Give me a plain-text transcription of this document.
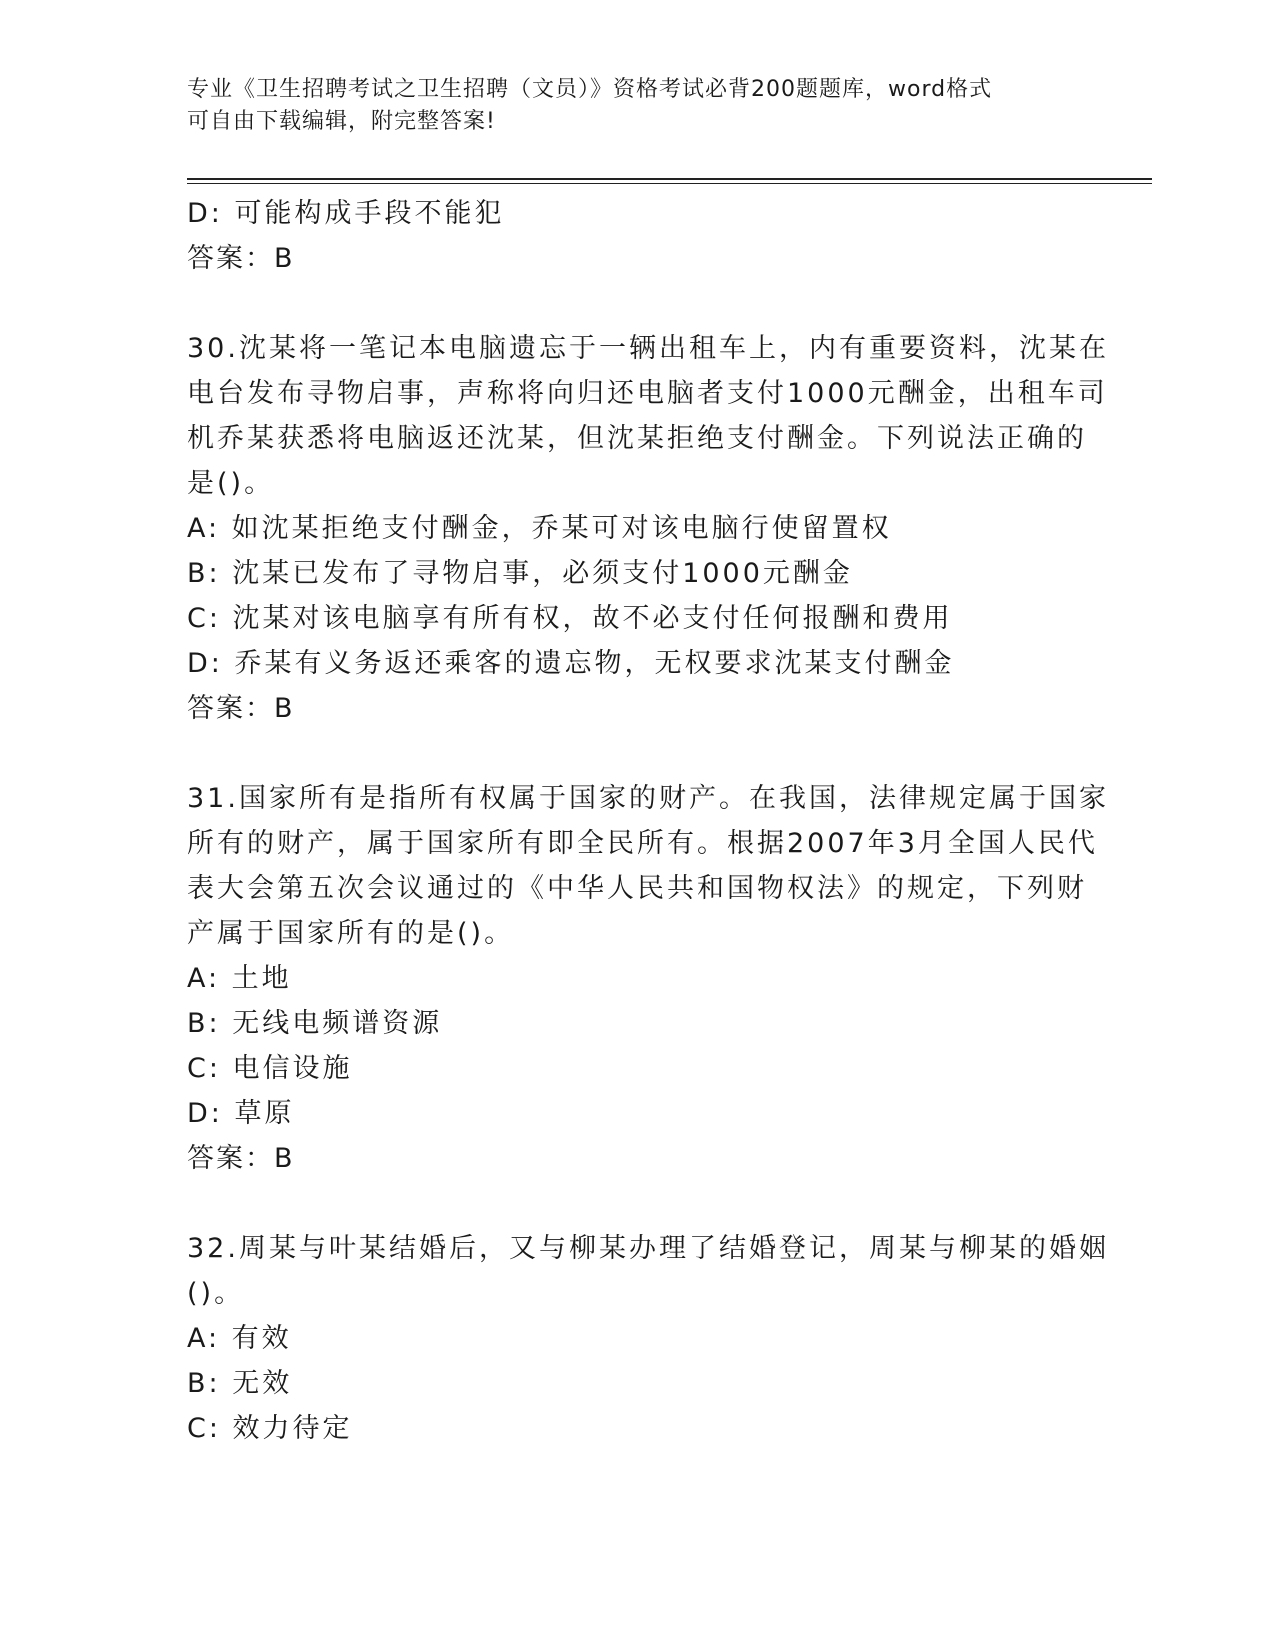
专业《卫生招聘考试之卫生招聘（文员）》资格考试必背200题题库，word格式
可自由下载编辑，附完整答案!
D: 可能构成手段不能犯
答案：B
30.沈某将一笔记本电脑遗忘于一辆出租车上，内有重要资料，沈某在
电台发布寻物启事，声称将向归还电脑者支付1000元酬金，出租车司
机乔某获悉将电脑返还沈某，但沈某拒绝支付酬金。下列说法正确的
是()。
A: 如沈某拒绝支付酬金，乔某可对该电脑行使留置权
B: 沈某已发布了寻物启事，必须支付1000元酬金
C: 沈某对该电脑享有所有权，故不必支付任何报酬和费用
D: 乔某有义务返还乘客的遗忘物，无权要求沈某支付酬金
答案：B
31.国家所有是指所有权属于国家的财产。在我国，法律规定属于国家
所有的财产，属于国家所有即全民所有。根据2007年3月全国人民代
表大会第五次会议通过的《中华人民共和国物权法》的规定，下列财
产属于国家所有的是()。
A: 土地
B: 无线电频谱资源
C: 电信设施
D: 草原
答案：B
32.周某与叶某结婚后，又与柳某办理了结婚登记，周某与柳某的婚姻
()。
A: 有效
B: 无效
C: 效力待定
